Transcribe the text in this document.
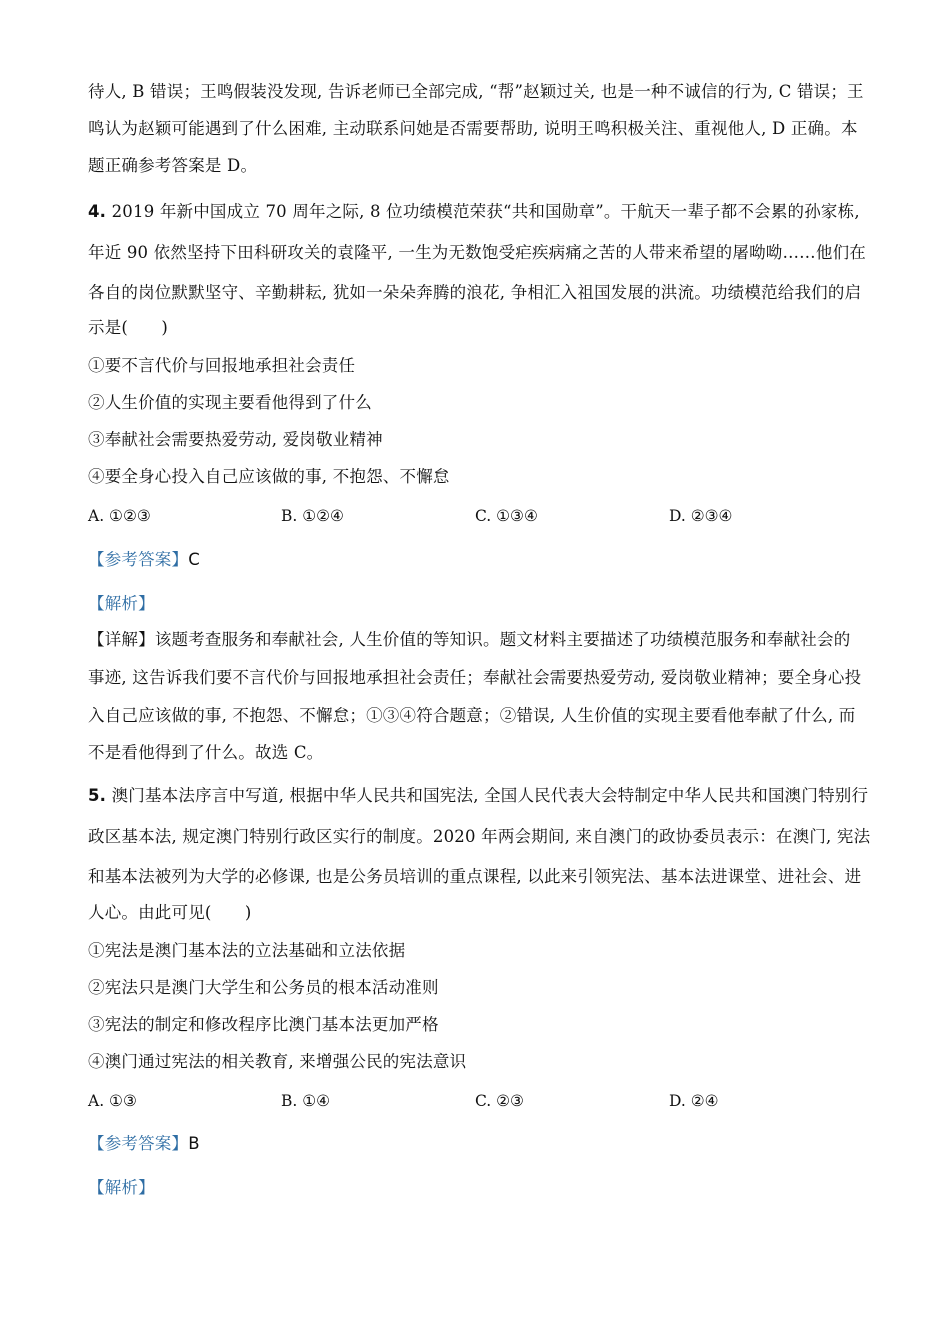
待人, B 错误；王鸣假装没发现, 告诉老师已全部完成, “帮”赵颖过关, 也是一种不诚信的行为, C 错误；王
鸣认为赵颖可能遇到了什么困难, 主动联系问她是否需要帮助, 说明王鸣积极关注、重视他人, D 正确。本
题正确参考答案是 D。
4. 2019 年新中国成立 70 周年之际, 8 位功绩模范荣获“共和国勋章”。干航天一辈子都不会累的孙家栋,
年近 90 依然坚持下田科研攻关的袁隆平, 一生为无数饱受疟疾病痛之苦的人带来希望的屠呦呦……他们在
各自的岗位默默坚守、辛勤耕耘, 犹如一朵朵奔腾的浪花, 争相汇入祖国发展的洪流。功绩模范给我们的启
示是(　　)
①要不言代价与回报地承担社会责任
②人生价值的实现主要看他得到了什么
③奉献社会需要热爱劳动, 爱岗敬业精神
④要全身心投入自己应该做的事, 不抱怨、不懈怠
A. ①②③	B. ①②④	C. ①③④	D. ②③④
【参考答案】C
【解析】
【详解】该题考查服务和奉献社会, 人生价值的等知识。题文材料主要描述了功绩模范服务和奉献社会的
事迹, 这告诉我们要不言代价与回报地承担社会责任；奉献社会需要热爱劳动, 爱岗敬业精神；要全身心投
入自己应该做的事, 不抱怨、不懈怠；①③④符合题意；②错误, 人生价值的实现主要看他奉献了什么, 而
不是看他得到了什么。故选 C。
5. 澳门基本法序言中写道, 根据中华人民共和国宪法, 全国人民代表大会特制定中华人民共和国澳门特别行
政区基本法, 规定澳门特别行政区实行的制度。2020 年两会期间, 来自澳门的政协委员表示：在澳门, 宪法
和基本法被列为大学的必修课, 也是公务员培训的重点课程, 以此来引领宪法、基本法进课堂、进社会、进
人心。由此可见(　　)
①宪法是澳门基本法的立法基础和立法依据
②宪法只是澳门大学生和公务员的根本活动准则
③宪法的制定和修改程序比澳门基本法更加严格
④澳门通过宪法的相关教育, 来增强公民的宪法意识
A. ①③	B. ①④	C. ②③	D. ②④
【参考答案】B
【解析】
